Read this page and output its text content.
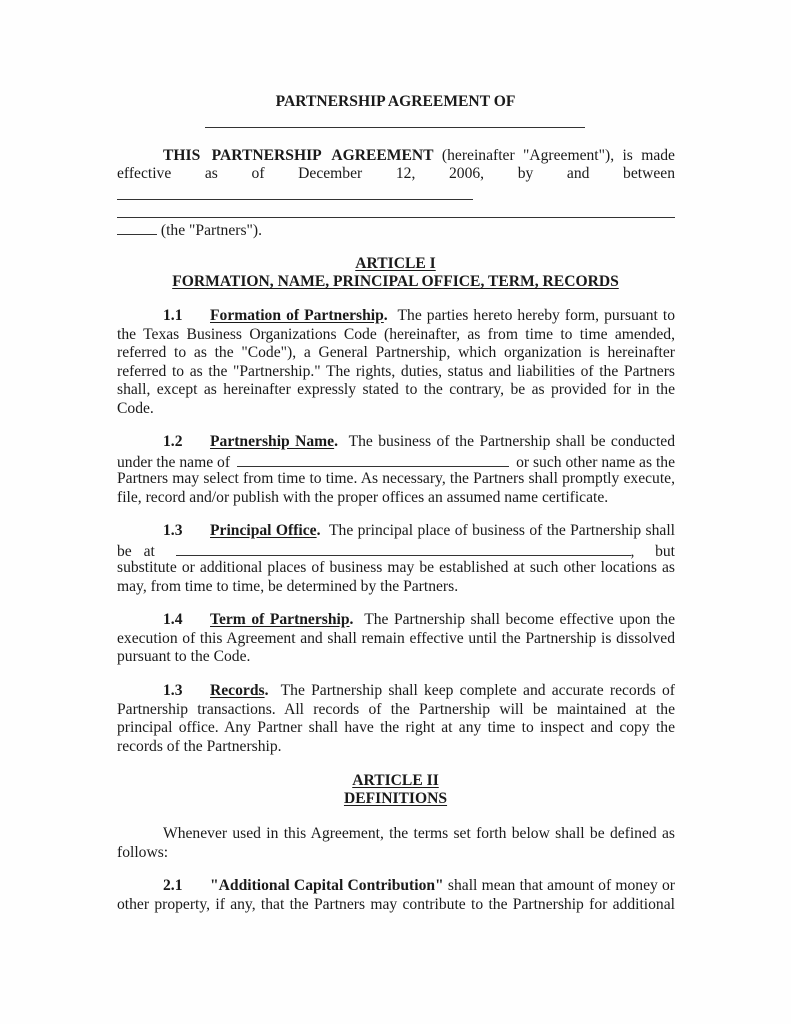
PARTNERSHIP AGREEMENT OF
THIS PARTNERSHIP AGREEMENT (hereinafter "Agreement"), is made
effective as of December 12, 2006, by and between
(the "Partners").
ARTICLE I
FORMATION, NAME, PRINCIPAL OFFICE, TERM, RECORDS
1.1 Formation of Partnership. The parties hereto hereby form, pursuant to
the Texas Business Organizations Code (hereinafter, as from time to time amended,
referred to as the "Code"), a General Partnership, which organization is hereinafter
referred to as the "Partnership." The rights, duties, status and liabilities of the Partners
shall, except as hereinafter expressly stated to the contrary, be as provided for in the
Code.
1.2 Partnership Name. The business of the Partnership shall be conducted
under the name of	or such other name as the
Partners may select from time to time. As necessary, the Partners shall promptly execute,
file, record and/or publish with the proper offices an assumed name certificate.
1.3 Principal Office. The principal place of business of the Partnership shall
be at	, but
substitute or additional places of business may be established at such other locations as
may, from time to time, be determined by the Partners.
1.4 Term of Partnership. The Partnership shall become effective upon the
execution of this Agreement and shall remain effective until the Partnership is dissolved
pursuant to the Code.
1.3 Records. The Partnership shall keep complete and accurate records of
Partnership transactions. All records of the Partnership will be maintained at the
principal office. Any Partner shall have the right at any time to inspect and copy the
records of the Partnership.
ARTICLE II
DEFINITIONS
Whenever used in this Agreement, the terms set forth below shall be defined as
follows:
2.1 "Additional Capital Contribution" shall mean that amount of money or
other property, if any, that the Partners may contribute to the Partnership for additional
